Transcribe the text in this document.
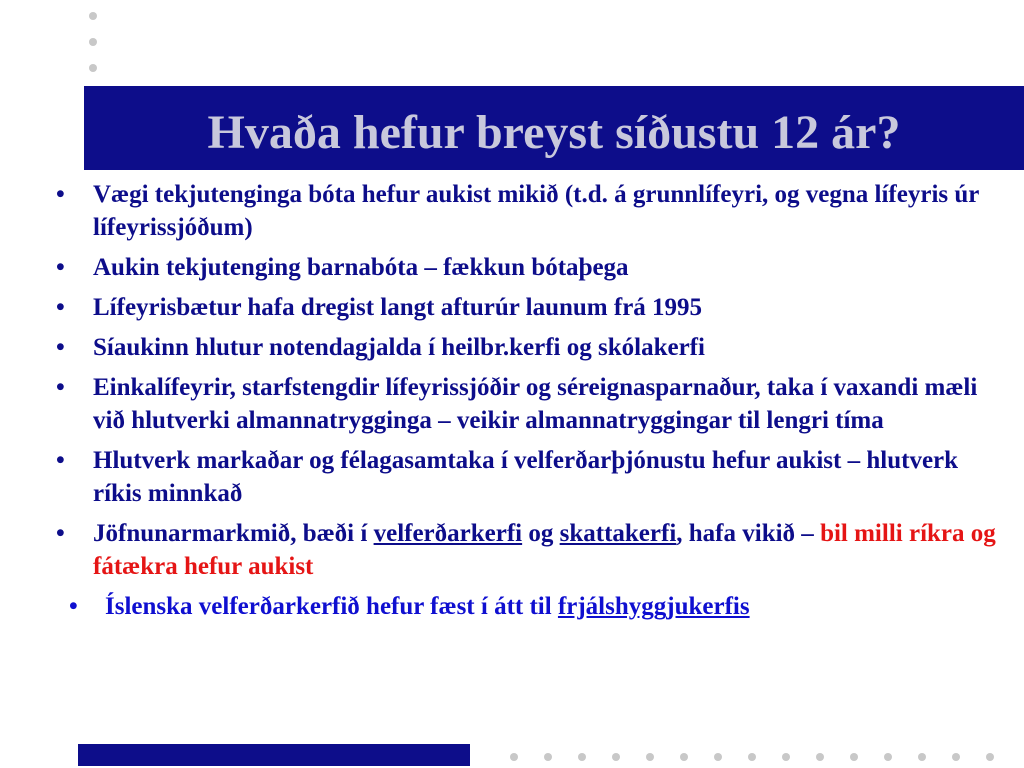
Hvaða hefur breyst síðustu 12 ár?
• Vægi tekjutenginga bóta hefur aukist mikið (t.d. á grunnlífeyri, og vegna lífeyris úr lífeyrissjóðum)
• Aukin tekjutenging barnabóta – fækkun bótaþega
• Lífeyrisbætur hafa dregist langt afturúr launum frá 1995
• Síaukinn hlutur notendagjalda í heilbr.kerfi og skólakerfi
• Einkalífeyrir, starfstengdir lífeyrissjóðir og séreignasparnaður, taka í vaxandi mæli við hlutverki almannatrygginga – veikir almannatryggingar til lengri tíma
• Hlutverk markaðar og félagasamtaka í velferðarþjónustu hefur aukist – hlutverk ríkis minnkað
• Jöfnunarmarkmið, bæði í velferðarkerfi og skattakerfi, hafa vikið – bil milli ríkra og fátækra hefur aukist
• Íslenska velferðarkerfið hefur fæst í átt til frjálshyggjukerfis
